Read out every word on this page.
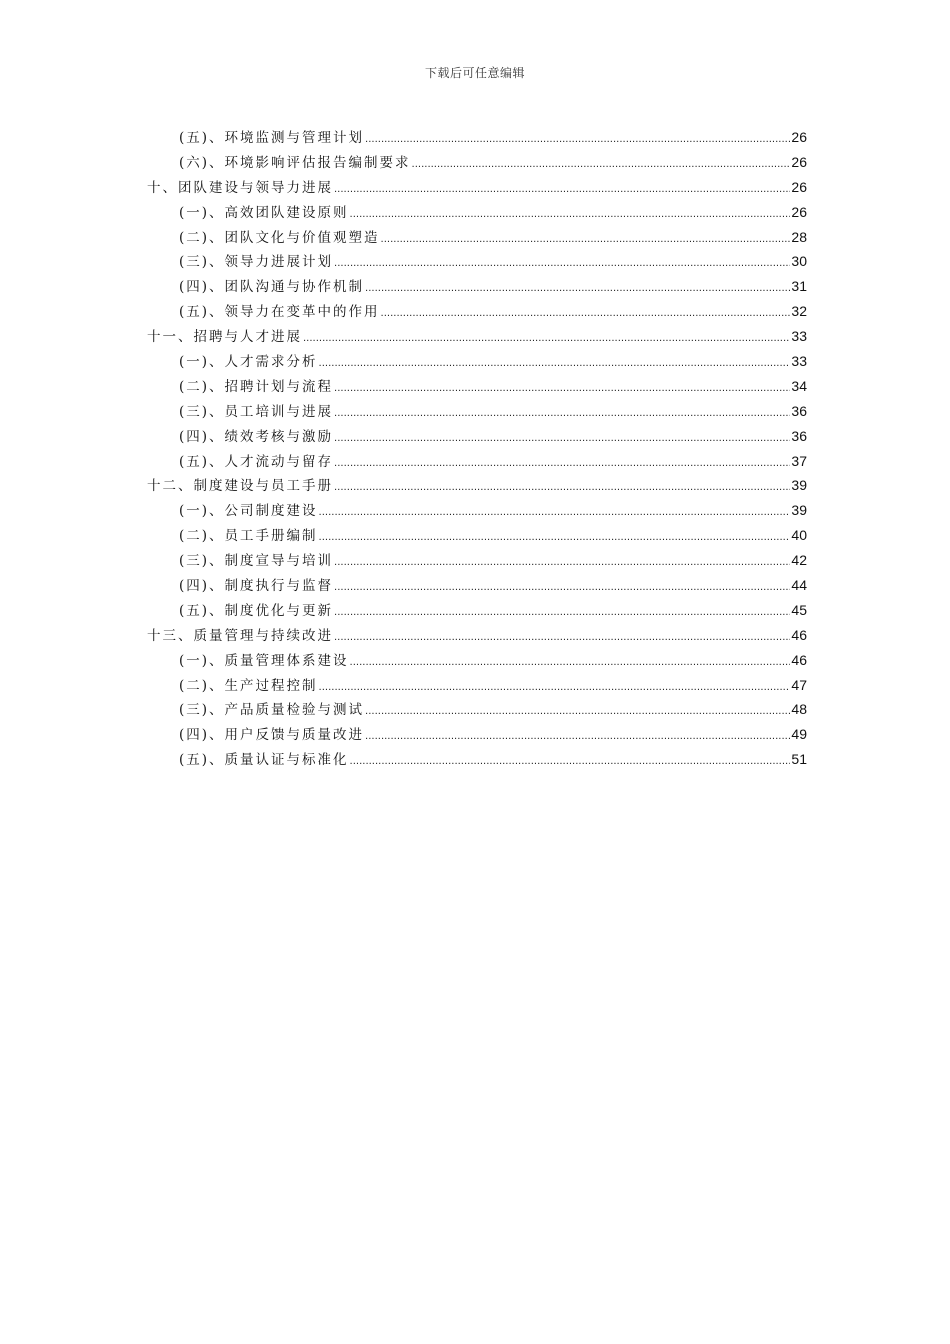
下载后可任意编辑
(五)、环境监测与管理计划 .....	26
(六)、环境影响评估报告编制要求 .....	26
十、团队建设与领导力进展 .....	26
(一)、高效团队建设原则 .....	26
(二)、团队文化与价值观塑造 .....	28
(三)、领导力进展计划 .....	30
(四)、团队沟通与协作机制 .....	31
(五)、领导力在变革中的作用 .....	32
十一、招聘与人才进展 .....	33
(一)、人才需求分析 .....	33
(二)、招聘计划与流程 .....	34
(三)、员工培训与进展 .....	36
(四)、绩效考核与激励 .....	36
(五)、人才流动与留存 .....	37
十二、制度建设与员工手册 .....	39
(一)、公司制度建设 .....	39
(二)、员工手册编制 .....	40
(三)、制度宣导与培训 .....	42
(四)、制度执行与监督 .....	44
(五)、制度优化与更新 .....	45
十三、质量管理与持续改进 .....	46
(一)、质量管理体系建设 .....	46
(二)、生产过程控制 .....	47
(三)、产品质量检验与测试 .....	48
(四)、用户反馈与质量改进 .....	49
(五)、质量认证与标准化 .....	51
